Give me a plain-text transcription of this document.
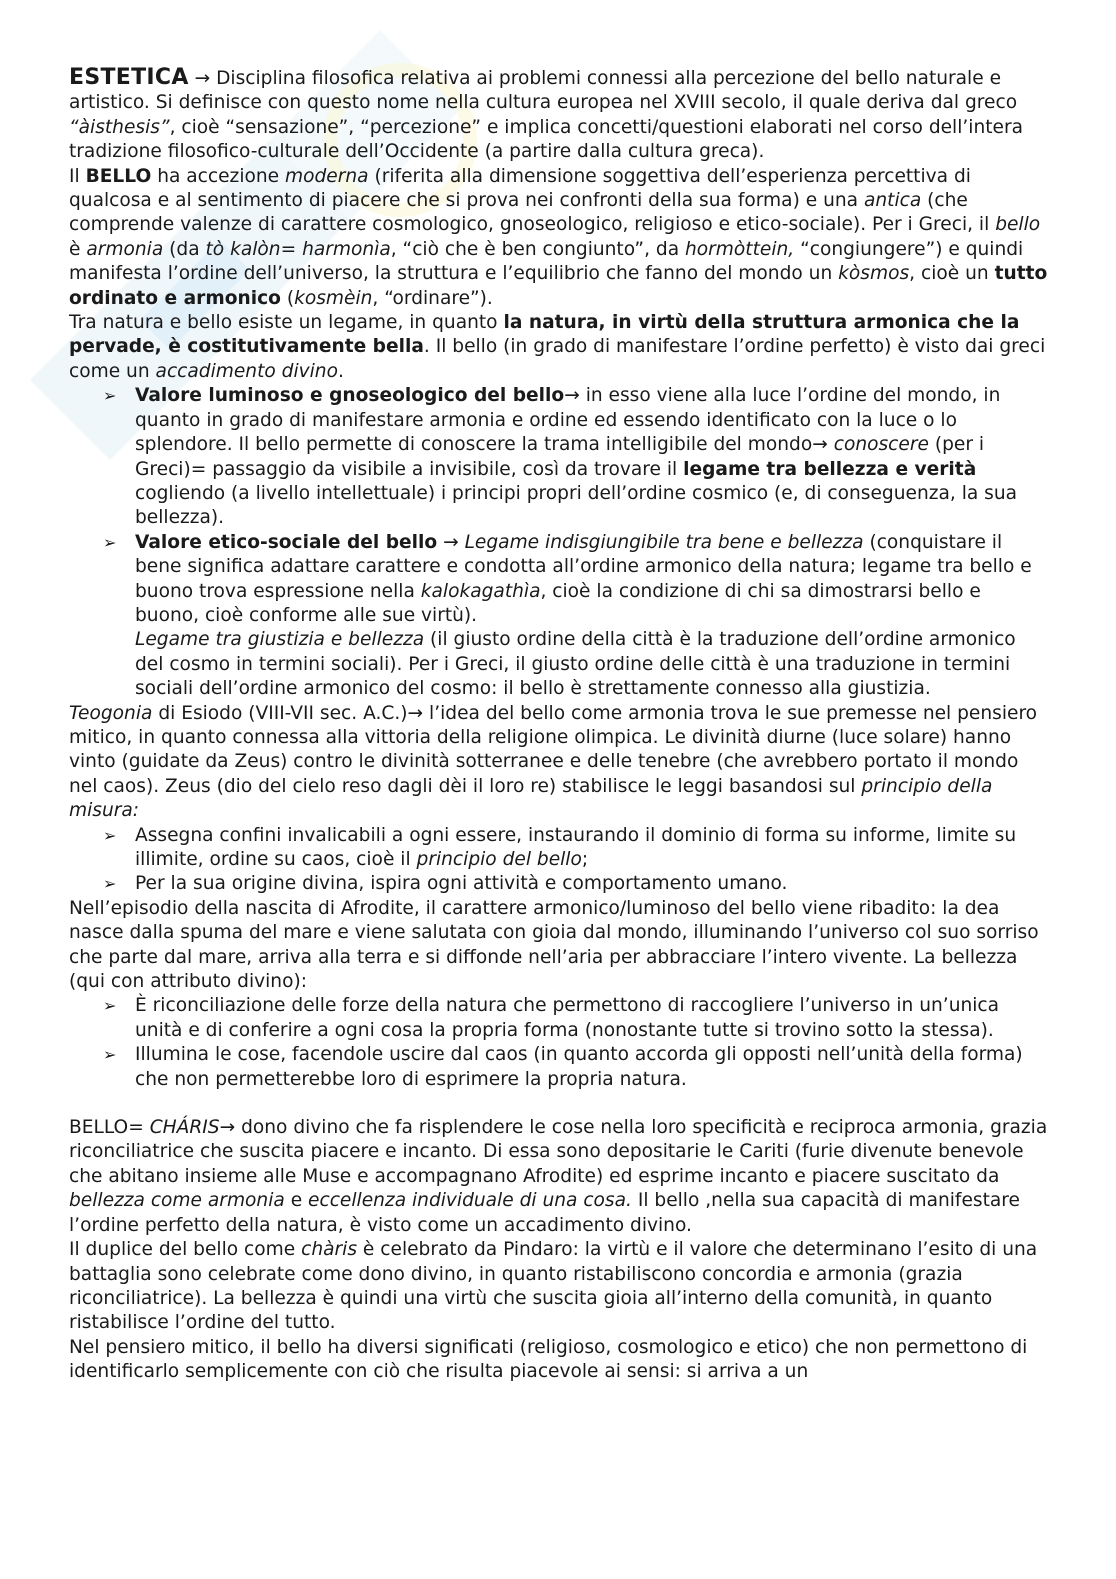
ESTETICA → Disciplina filosofica relativa ai problemi connessi alla percezione del bello naturale e artistico. Si definisce con questo nome nella cultura europea nel XVIII secolo, il quale deriva dal greco “àisthesis”, cioè “sensazione”, “percezione” e implica concetti/questioni elaborati nel corso dell’intera tradizione filosofico-culturale dell’Occidente (a partire dalla cultura greca).

Il BELLO ha accezione moderna (riferita alla dimensione soggettiva dell’esperienza percettiva di qualcosa e al sentimento di piacere che si prova nei confronti della sua forma) e una antica (che comprende valenze di carattere cosmologico, gnoseologico, religioso e etico-sociale). Per i Greci, il bello è armonia (da tò kalòn= harmonìa, “ciò che è ben congiunto”, da hormòttein, “congiungere”) e quindi manifesta l’ordine dell’universo, la struttura e l’equilibrio che fanno del mondo un kòsmos, cioè un tutto ordinato e armonico (kosmèin, “ordinare”).

Tra natura e bello esiste un legame, in quanto la natura, in virtù della struttura armonica che la pervade, è costitutivamente bella. Il bello (in grado di manifestare l’ordine perfetto) è visto dai greci come un accadimento divino.

➢ Valore luminoso e gnoseologico del bello→ in esso viene alla luce l’ordine del mondo, in quanto in grado di manifestare armonia e ordine ed essendo identificato con la luce o lo splendore. Il bello permette di conoscere la trama intelligibile del mondo→ conoscere (per i Greci)= passaggio da visibile a invisibile, così da trovare il legame tra bellezza e verità cogliendo (a livello intellettuale) i principi propri dell’ordine cosmico (e, di conseguenza, la sua bellezza).
➢ Valore etico-sociale del bello → Legame indisgiungibile tra bene e bellezza (conquistare il bene significa adattare carattere e condotta all’ordine armonico della natura; legame tra bello e buono trova espressione nella kalokagathìa, cioè la condizione di chi sa dimostrarsi bello e buono, cioè conforme alle sue virtù).
Legame tra giustizia e bellezza (il giusto ordine della città è la traduzione dell’ordine armonico del cosmo in termini sociali). Per i Greci, il giusto ordine delle città è una traduzione in termini sociali dell’ordine armonico del cosmo: il bello è strettamente connesso alla giustizia.

Teogonia di Esiodo (VIII-VII sec. A.C.)→ l’idea del bello come armonia trova le sue premesse nel pensiero mitico, in quanto connessa alla vittoria della religione olimpica. Le divinità diurne (luce solare) hanno vinto (guidate da Zeus) contro le divinità sotterranee e delle tenebre (che avrebbero portato il mondo nel caos). Zeus (dio del cielo reso dagli dèi il loro re) stabilisce le leggi basandosi sul principio della misura:

➢ Assegna confini invalicabili a ogni essere, instaurando il dominio di forma su informe, limite su illimite, ordine su caos, cioè il principio del bello;
➢ Per la sua origine divina, ispira ogni attività e comportamento umano.

Nell’episodio della nascita di Afrodite, il carattere armonico/luminoso del bello viene ribadito: la dea nasce dalla spuma del mare e viene salutata con gioia dal mondo, illuminando l’universo col suo sorriso che parte dal mare, arriva alla terra e si diffonde nell’aria per abbracciare l’intero vivente. La bellezza (qui con attributo divino):

➢ È riconciliazione delle forze della natura che permettono di raccogliere l’universo in un’unica unità e di conferire a ogni cosa la propria forma (nonostante tutte si trovino sotto la stessa).
➢ Illumina le cose, facendole uscire dal caos (in quanto accorda gli opposti nell’unità della forma) che non permetterebbe loro di esprimere la propria natura.

BELLO= CHÁRIS→ dono divino che fa risplendere le cose nella loro specificità e reciproca armonia, grazia riconciliatrice che suscita piacere e incanto. Di essa sono depositarie le Cariti (furie divenute benevole che abitano insieme alle Muse e accompagnano Afrodite) ed esprime incanto e piacere suscitato da bellezza come armonia e eccellenza individuale di una cosa. Il bello ,nella sua capacità di manifestare l’ordine perfetto della natura, è visto come un accadimento divino.

Il duplice del bello come chàris è celebrato da Pindaro: la virtù e il valore che determinano l’esito di una battaglia sono celebrate come dono divino, in quanto ristabiliscono concordia e armonia (grazia riconciliatrice). La bellezza è quindi una virtù che suscita gioia all’interno della comunità, in quanto ristabilisce l’ordine del tutto.

Nel pensiero mitico, il bello ha diversi significati (religioso, cosmologico e etico) che non permettono di identificarlo semplicemente con ciò che risulta piacevole ai sensi: si arriva a un
